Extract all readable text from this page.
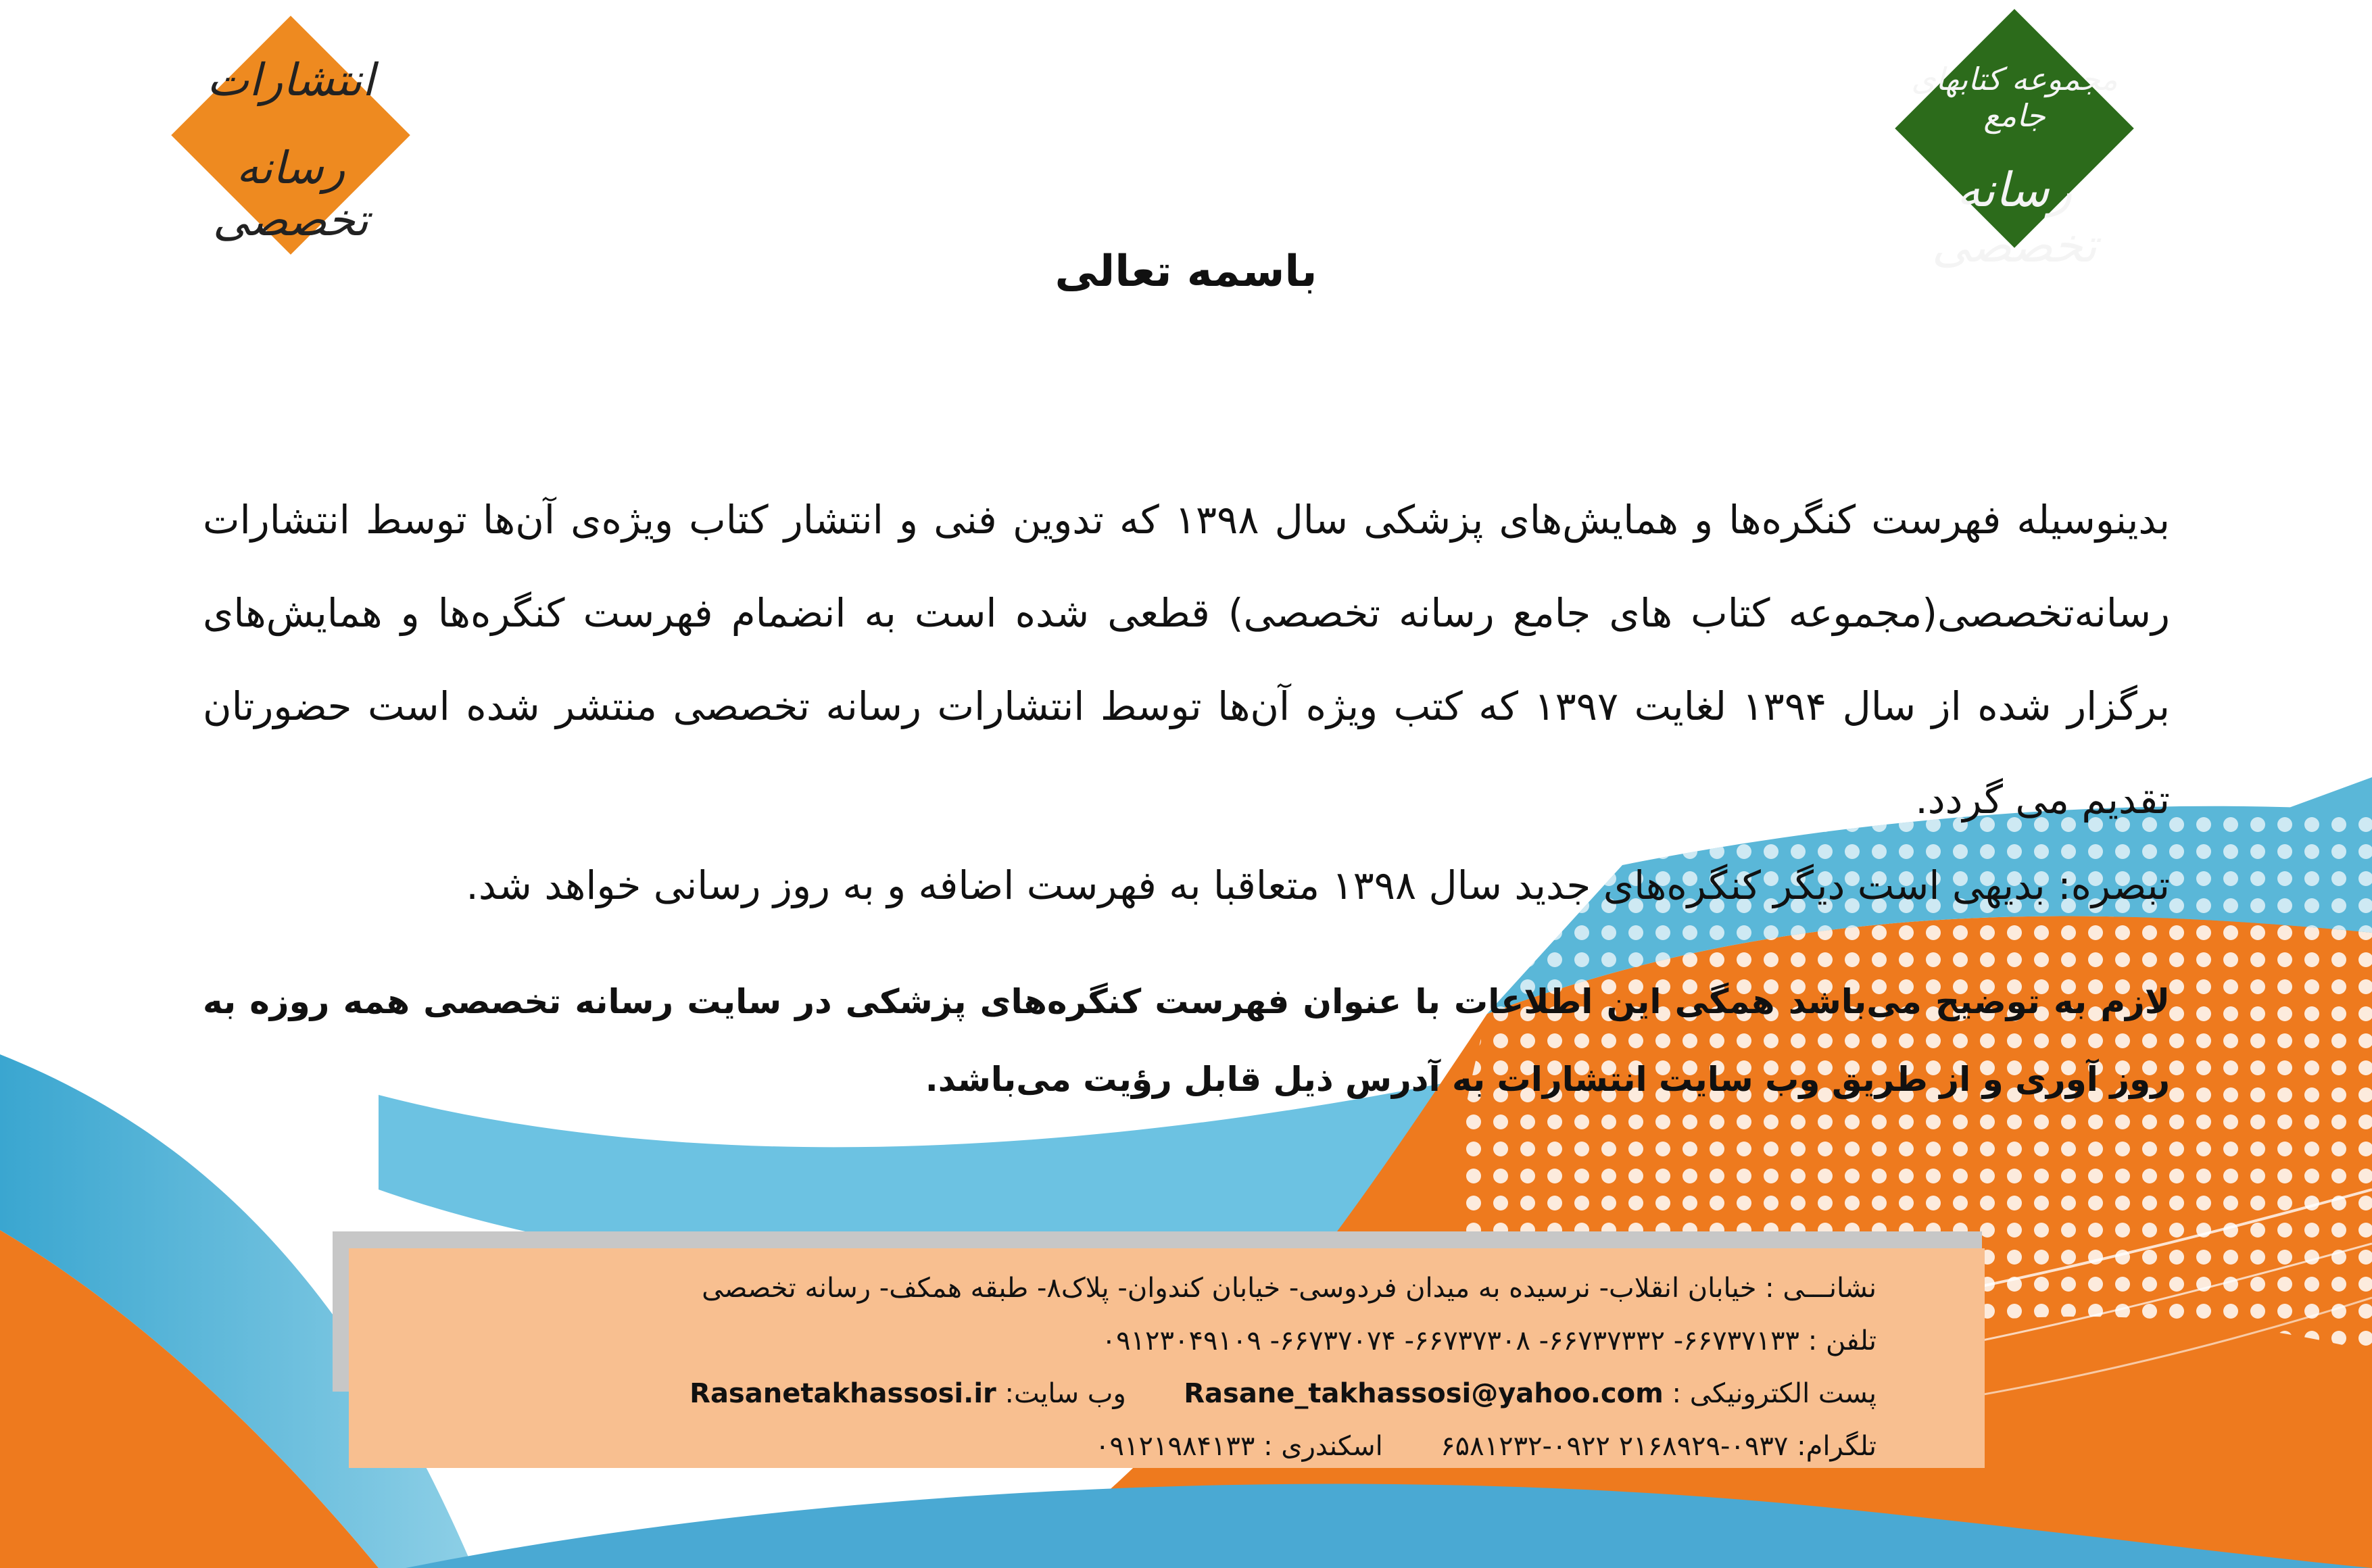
انتشارات
رسانه تخصصی
مجموعه کتابهای جامع
رسانه تخصصی
باسمه تعالی
بدینوسیله فهرست کنگره‌ها و همایش‌های پزشکی سال ۱۳۹۸ که تدوین فنی و انتشار کتاب ویژه‌ی آن‌ها توسط انتشارات رسانه‌تخصصی(مجموعه کتاب های جامع رسانه تخصصی) قطعی شده است به انضمام فهرست کنگره‌ها و همایش‌های برگزار شده از سال ۱۳۹۴ لغایت ۱۳۹۷ که کتب ویژه آن‌ها توسط انتشارات رسانه تخصصی منتشر شده است حضورتان تقدیم می گردد.
تبصره: بدیهی است دیگر کنگره‌های جدید سال ۱۳۹۸ متعاقبا به فهرست اضافه و به روز رسانی خواهد شد.
لازم به توضیح می‌باشد همگی این اطلاعات با عنوان فهرست کنگره‌های پزشکی در سایت رسانه تخصصی همه روزه به روز آوری و از طریق وب سایت انتشارات به آدرس ذیل قابل رؤیت می‌باشد.
نشانـــی : خیابان انقلاب- نرسیده به میدان فردوسی- خیابان کندوان- پلاک۸- طبقه همکف- رسانه تخصصی
تلفن : ۶۶۷۳۷۱۳۳- ۶۶۷۳۷۳۳۲- ۶۶۷۳۷۳۰۸- ۶۶۷۳۷۰۷۴- ۰۹۱۲۳۰۴۹۱۰۹
پست الکترونیکی : Rasane_takhassosi@yahoo.com  وب سایت: Rasanetakhassosi.ir
تلگرام: ۰۹۳۷-۲۱۶۸۹۲۹ ۰۹۲۲-۶۵۸۱۲۳۲  اسکندری : ۰۹۱۲۱۹۸۴۱۳۳
